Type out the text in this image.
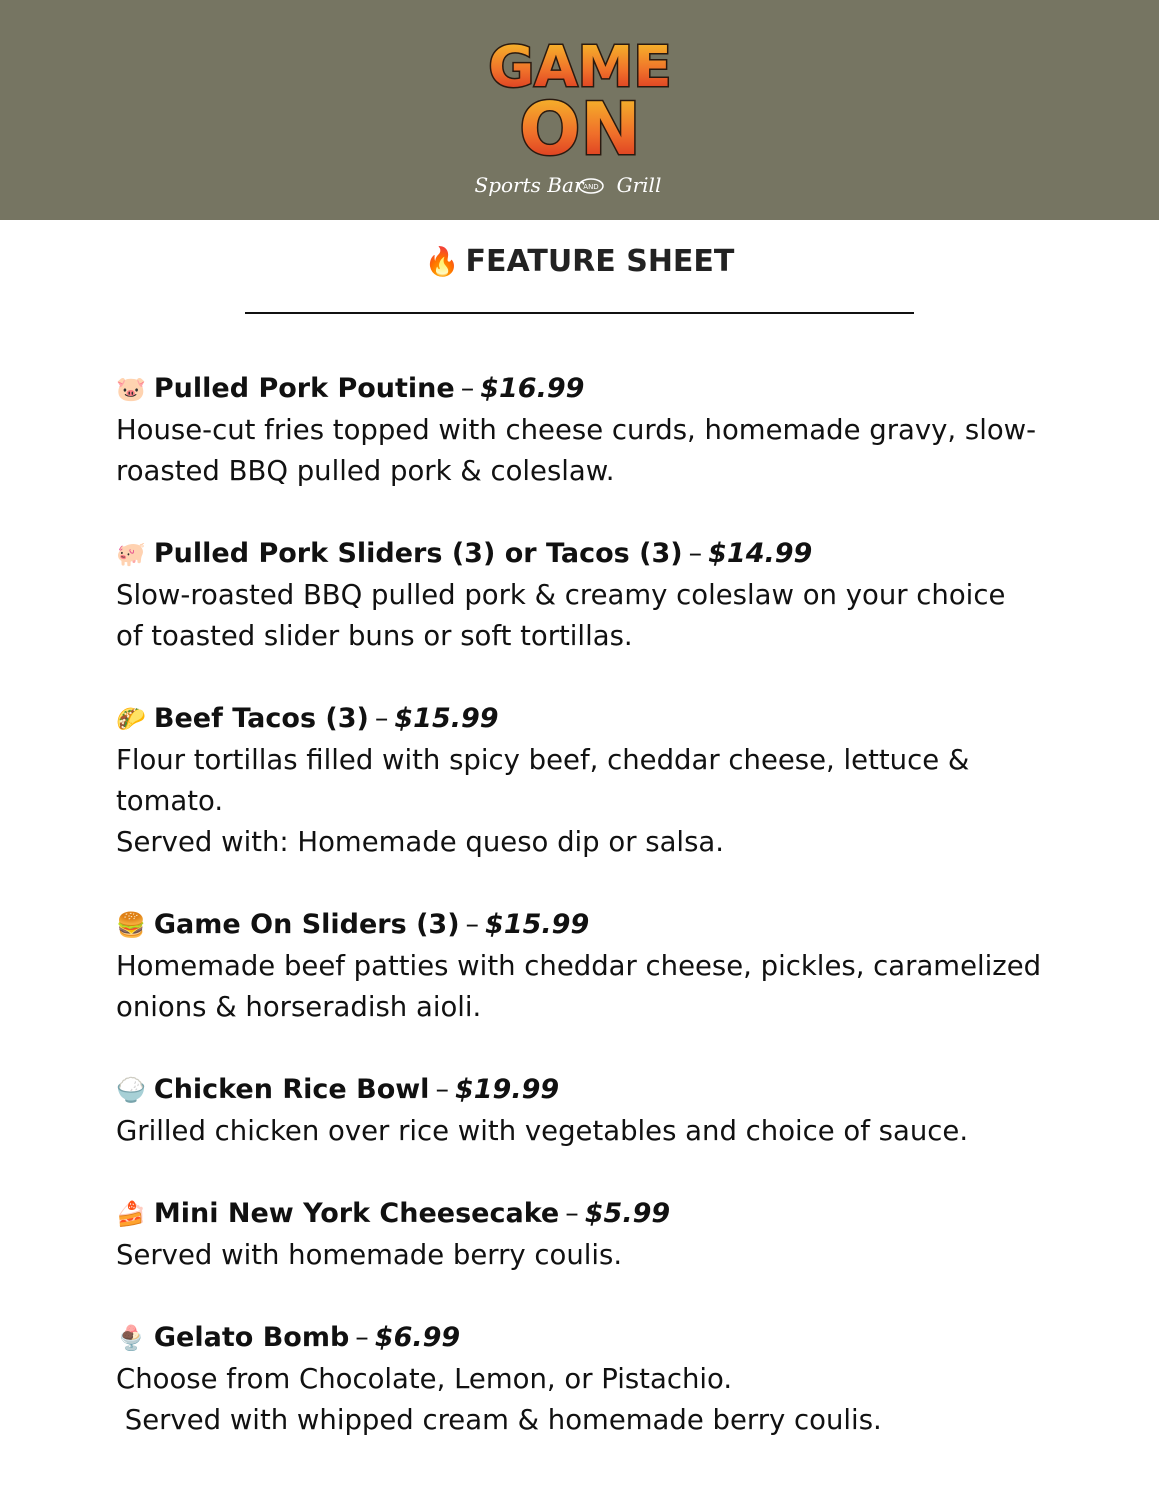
GAME
ON
Sports Bar AND Grill
🔥 FEATURE SHEET
🐷 Pulled Pork Poutine – $16.99
House-cut fries topped with cheese curds, homemade gravy, slow-
roasted BBQ pulled pork & coleslaw.
🐖 Pulled Pork Sliders (3) or Tacos (3) – $14.99
Slow-roasted BBQ pulled pork & creamy coleslaw on your choice
of toasted slider buns or soft tortillas.
🌮 Beef Tacos (3) – $15.99
Flour tortillas filled with spicy beef, cheddar cheese, lettuce &
tomato.
Served with: Homemade queso dip or salsa.
🍔 Game On Sliders (3) – $15.99
Homemade beef patties with cheddar cheese, pickles, caramelized
onions & horseradish aioli.
🍚 Chicken Rice Bowl – $19.99
Grilled chicken over rice with vegetables and choice of sauce.
🍰 Mini New York Cheesecake – $5.99
Served with homemade berry coulis.
🍨 Gelato Bomb – $6.99
Choose from Chocolate, Lemon, or Pistachio.
Served with whipped cream & homemade berry coulis.
